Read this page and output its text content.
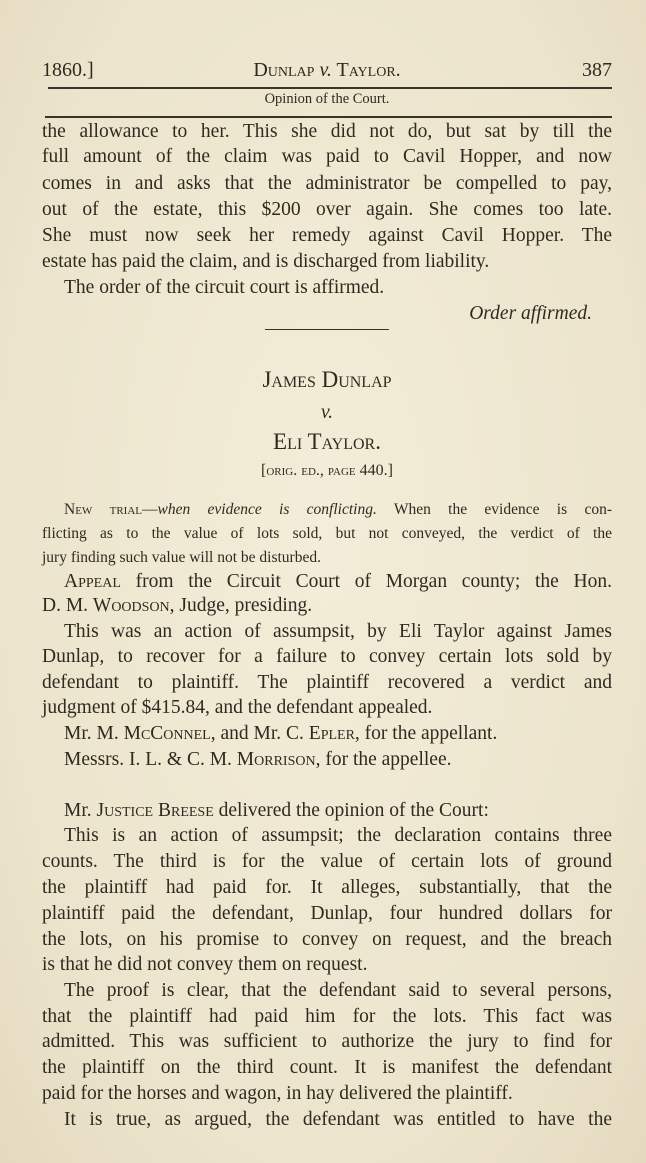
1860.]	Dunlap v. Taylor.	387
Opinion of the Court.
the allowance to her. This she did not do, but sat by till the
full amount of the claim was paid to Cavil Hopper, and now
comes in and asks that the administrator be compelled to pay,
out of the estate, this $200 over again. She comes too late.
She must now seek her remedy against Cavil Hopper. The
estate has paid the claim, and is discharged from liability.
The order of the circuit court is affirmed.
Order affirmed.
James Dunlap
v.
Eli Taylor.
[orig. ed., page 440.]
New trial—when evidence is conflicting. When the evidence is con-
flicting as to the value of lots sold, but not conveyed, the verdict of the
jury finding such value will not be disturbed.
Appeal from the Circuit Court of Morgan county; the Hon.
D. M. Woodson, Judge, presiding.
This was an action of assumpsit, by Eli Taylor against James
Dunlap, to recover for a failure to convey certain lots sold by
defendant to plaintiff. The plaintiff recovered a verdict and
judgment of $415.84, and the defendant appealed.
Mr. M. McConnel, and Mr. C. Epler, for the appellant.
Messrs. I. L. & C. M. Morrison, for the appellee.
Mr. Justice Breese delivered the opinion of the Court:
This is an action of assumpsit; the declaration contains three
counts. The third is for the value of certain lots of ground
the plaintiff had paid for. It alleges, substantially, that the
plaintiff paid the defendant, Dunlap, four hundred dollars for
the lots, on his promise to convey on request, and the breach
is that he did not convey them on request.
The proof is clear, that the defendant said to several persons,
that the plaintiff had paid him for the lots. This fact was
admitted. This was sufficient to authorize the jury to find for
the plaintiff on the third count. It is manifest the defendant
paid for the horses and wagon, in hay delivered the plaintiff.
It is true, as argued, the defendant was entitled to have the
